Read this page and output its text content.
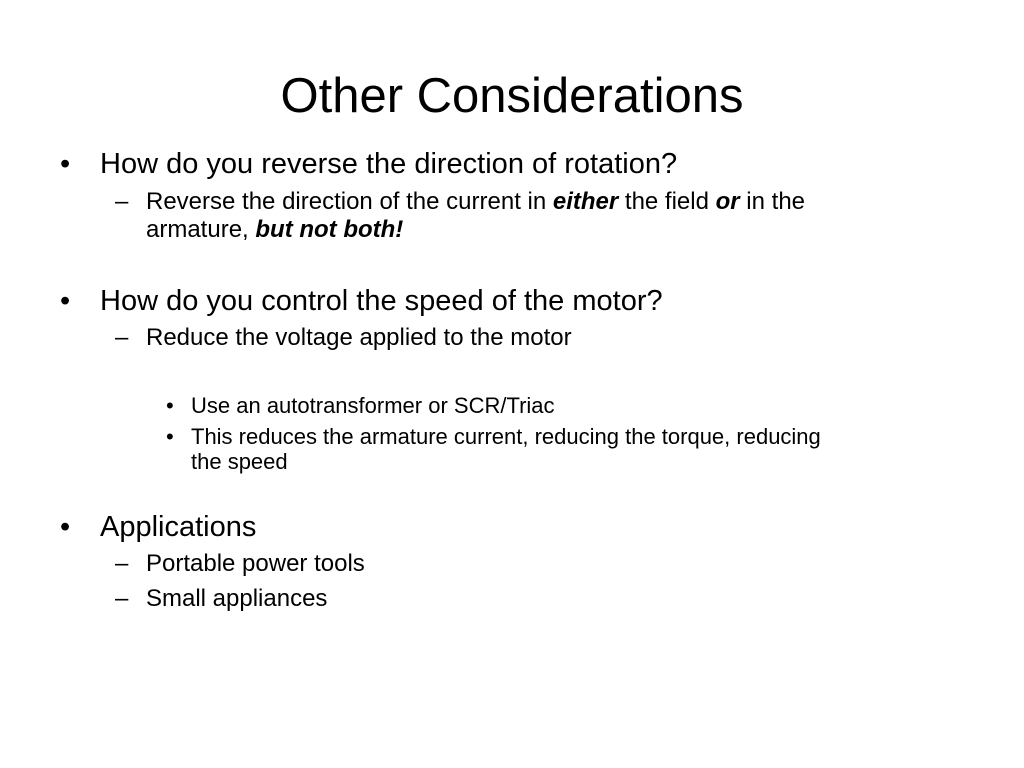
Other Considerations
• How do you reverse the direction of rotation?
– Reverse the direction of the current in either the field or in the
armature, but not both!
• How do you control the speed of the motor?
– Reduce the voltage applied to the motor
• Use an autotransformer or SCR/Triac
• This reduces the armature current, reducing the torque, reducing
the speed
• Applications
– Portable power tools
– Small appliances
